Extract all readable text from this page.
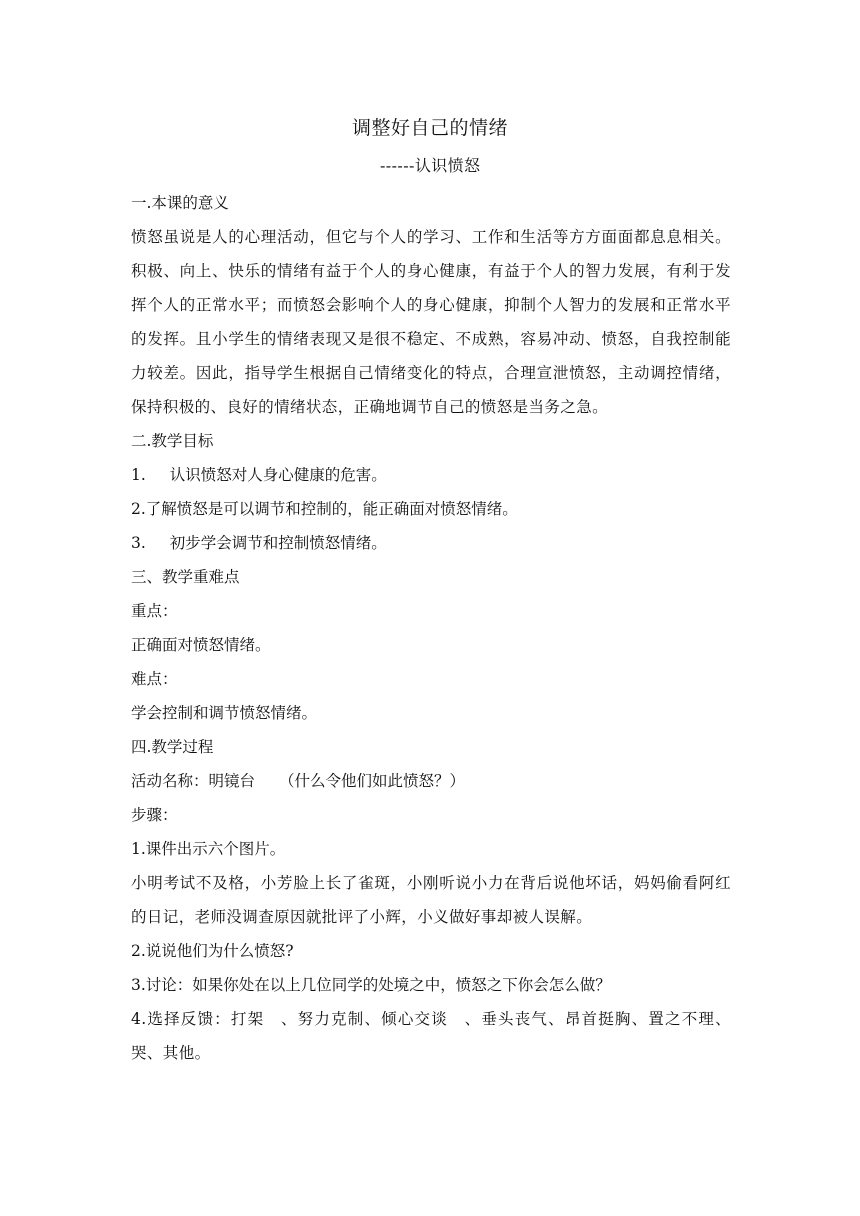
调整好自己的情绪
------认识愤怒

一.本课的意义

愤怒虽说是人的心理活动，但它与个人的学习、工作和生活等方方面面都息息相关。积极、向上、快乐的情绪有益于个人的身心健康，有益于个人的智力发展，有利于发挥个人的正常水平；而愤怒会影响个人的身心健康，抑制个人智力的发展和正常水平的发挥。且小学生的情绪表现又是很不稳定、不成熟，容易冲动、愤怒，自我控制能力较差。因此，指导学生根据自己情绪变化的特点，合理宣泄愤怒，主动调控情绪，保持积极的、良好的情绪状态，正确地调节自己的愤怒是当务之急。

二.教学目标

1. 认识愤怒对人身心健康的危害。

2.了解愤怒是可以调节和控制的，能正确面对愤怒情绪。

3. 初步学会调节和控制愤怒情绪。

三、教学重难点

重点：

正确面对愤怒情绪。

难点：

学会控制和调节愤怒情绪。

四.教学过程

活动名称：明镜台 （什么令他们如此愤怒？）

步骤：

1.课件出示六个图片。

小明考试不及格，小芳脸上长了雀斑，小刚听说小力在背后说他坏话，妈妈偷看阿红的日记，老师没调查原因就批评了小辉，小义做好事却被人误解。

2.说说他们为什么愤怒?

3.讨论：如果你处在以上几位同学的处境之中，愤怒之下你会怎么做？

4.选择反馈：打架　、努力克制、倾心交谈　、垂头丧气、昂首挺胸、置之不理、哭、其他。
